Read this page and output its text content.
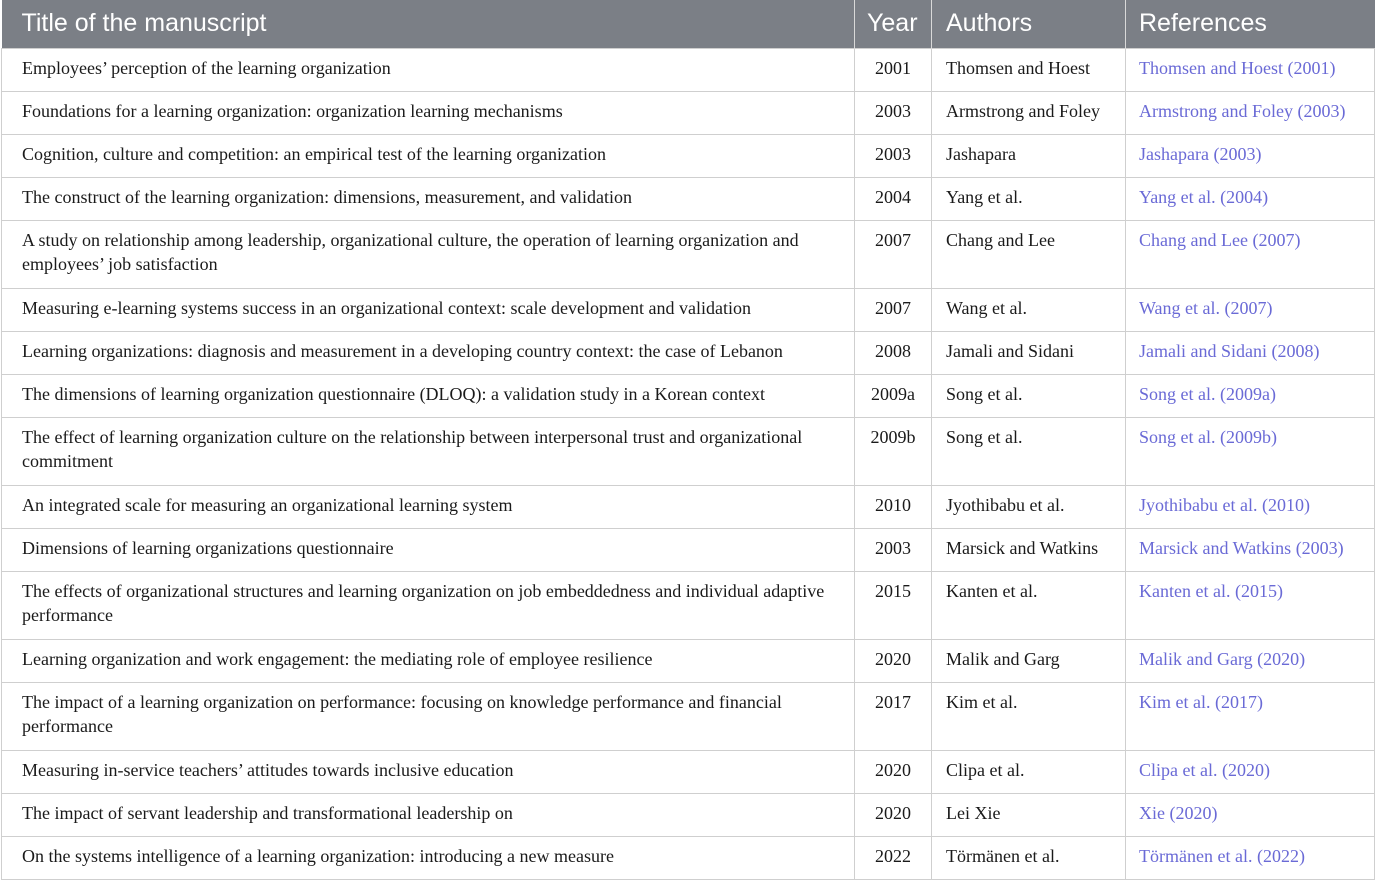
Title of the manuscript	Year	Authors	References
Employees’ perception of the learning organization	2001	Thomsen and Hoest	Thomsen and Hoest (2001)
Foundations for a learning organization: organization learning mechanisms	2003	Armstrong and Foley	Armstrong and Foley (2003)
Cognition, culture and competition: an empirical test of the learning organization	2003	Jashapara	Jashapara (2003)
The construct of the learning organization: dimensions, measurement, and validation	2004	Yang et al.	Yang et al. (2004)
A study on relationship among leadership, organizational culture, the operation of learning organization and employees’ job satisfaction	2007	Chang and Lee	Chang and Lee (2007)
Measuring e-learning systems success in an organizational context: scale development and validation	2007	Wang et al.	Wang et al. (2007)
Learning organizations: diagnosis and measurement in a developing country context: the case of Lebanon	2008	Jamali and Sidani	Jamali and Sidani (2008)
The dimensions of learning organization questionnaire (DLOQ): a validation study in a Korean context	2009a	Song et al.	Song et al. (2009a)
The effect of learning organization culture on the relationship between interpersonal trust and organizational commitment	2009b	Song et al.	Song et al. (2009b)
An integrated scale for measuring an organizational learning system	2010	Jyothibabu et al.	Jyothibabu et al. (2010)
Dimensions of learning organizations questionnaire	2003	Marsick and Watkins	Marsick and Watkins (2003)
The effects of organizational structures and learning organization on job embeddedness and individual adaptive performance	2015	Kanten et al.	Kanten et al. (2015)
Learning organization and work engagement: the mediating role of employee resilience	2020	Malik and Garg	Malik and Garg (2020)
The impact of a learning organization on performance: focusing on knowledge performance and financial performance	2017	Kim et al.	Kim et al. (2017)
Measuring in-service teachers’ attitudes towards inclusive education	2020	Clipa et al.	Clipa et al. (2020)
The impact of servant leadership and transformational leadership on	2020	Lei Xie	Xie (2020)
On the systems intelligence of a learning organization: introducing a new measure	2022	Törmänen et al.	Törmänen et al. (2022)
